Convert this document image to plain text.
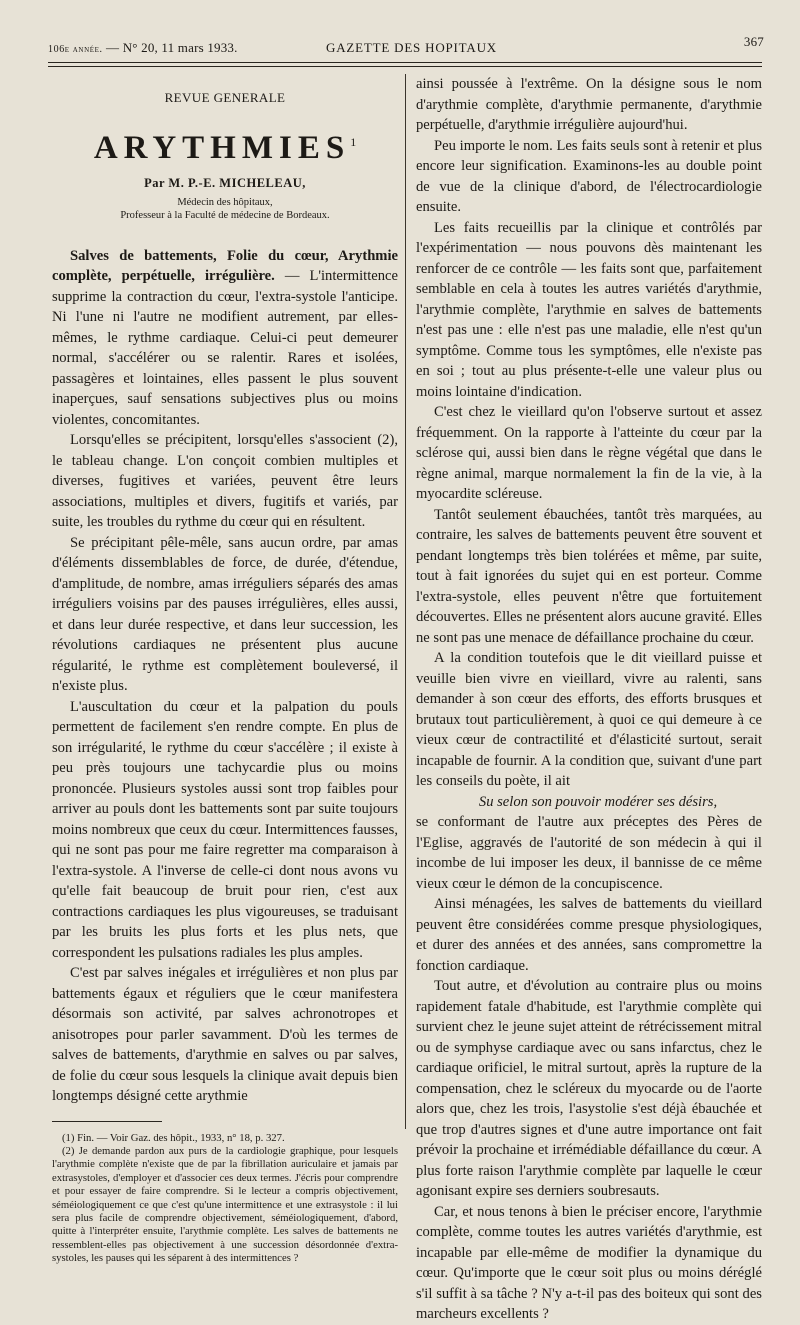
106e année. — N° 20, 11 mars 1933.	GAZETTE DES HOPITAUX	367
REVUE GENERALE
ARYTHMIES$^1$
Par M. P.-E. MICHELEAU,
Médecin des hôpitaux,
Professeur à la Faculté de médecine de Bordeaux.

Salves de battements, Folie du cœur, Arythmie complète, perpétuelle, irrégulière. — L'intermittence supprime la contraction du cœur, l'extra-systole l'anticipe. Ni l'une ni l'autre ne modifient autrement, par elles-mêmes, le rythme cardiaque. Celui-ci peut demeurer normal, s'accélérer ou se ralentir. Rares et isolées, passagères et lointaines, elles passent le plus souvent inaperçues, sauf sensations subjectives plus ou moins violentes, concomitantes.

Lorsqu'elles se précipitent, lorsqu'elles s'associent (2), le tableau change. L'on conçoit combien multiples et diverses, fugitives et variées, peuvent être leurs associations, multiples et divers, fugitifs et variés, par suite, les troubles du rythme du cœur qui en résultent.

Se précipitant pêle-mêle, sans aucun ordre, par amas d'éléments dissemblables de force, de durée, d'étendue, d'amplitude, de nombre, amas irréguliers séparés des amas irréguliers voisins par des pauses irrégulières, elles aussi, et dans leur durée respective, et dans leur succession, les révolutions cardiaques ne présentent plus aucune régularité, le rythme est complètement bouleversé, il n'existe plus.

L'auscultation du cœur et la palpation du pouls permettent de facilement s'en rendre compte. En plus de son irrégularité, le rythme du cœur s'accélère ; il existe à peu près toujours une tachycardie plus ou moins prononcée. Plusieurs systoles aussi sont trop faibles pour arriver au pouls dont les battements sont par suite toujours moins nombreux que ceux du cœur. Intermittences fausses, qui ne sont pas pour me faire regretter ma comparaison à l'extra-systole. A l'inverse de celle-ci dont nous avons vu qu'elle fait beaucoup de bruit pour rien, c'est aux contractions cardiaques les plus vigoureuses, se traduisant par les bruits les plus forts et les plus nets, que correspondent les pulsations radiales les plus amples.

C'est par salves inégales et irrégulières et non plus par battements égaux et réguliers que le cœur manifestera désormais son activité, par salves achronotropes et anisotropes pour parler savamment. D'où les termes de salves de battements, d'arythmie en salves ou par salves, de folie du cœur sous lesquels la clinique avait depuis bien longtemps désigné cette arythmie

(1) Fin. — Voir Gaz. des hôpit., 1933, n° 18, p. 327.

(2) Je demande pardon aux purs de la cardiologie graphique, pour lesquels l'arythmie complète n'existe que de par la fibrillation auriculaire et jamais par extrasystoles, d'employer et d'associer ces deux termes. J'écris pour comprendre et pour essayer de faire comprendre. Si le lecteur a compris objectivement, séméiologiquement ce que c'est qu'une intermittence et une extrasystole : il lui sera plus facile de comprendre objectivement, séméiologiquement, d'abord, quitte à l'interpréter ensuite, l'arythmie complète. Les salves de battements ne ressemblent-elles pas objectivement à une succession désordonnée d'extra-systoles, les pauses qui les séparent à des intermittences ?

ainsi poussée à l'extrême. On la désigne sous le nom d'arythmie complète, d'arythmie permanente, d'arythmie perpétuelle, d'arythmie irrégulière aujourd'hui.

Peu importe le nom. Les faits seuls sont à retenir et plus encore leur signification. Examinons-les au double point de vue de la clinique d'abord, de l'électrocardiologie ensuite.

Les faits recueillis par la clinique et contrôlés par l'expérimentation — nous pouvons dès maintenant les renforcer de ce contrôle — les faits sont que, parfaitement semblable en cela à toutes les autres variétés d'arythmie, l'arythmie complète, l'arythmie en salves de battements n'est pas une : elle n'est pas une maladie, elle n'est qu'un symptôme. Comme tous les symptômes, elle n'existe pas en soi ; tout au plus présente-t-elle une valeur plus ou moins lointaine d'indication.

C'est chez le vieillard qu'on l'observe surtout et assez fréquemment. On la rapporte à l'atteinte du cœur par la sclérose qui, aussi bien dans le règne végétal que dans le règne animal, marque normalement la fin de la vie, à la myocardite scléreuse.

Tantôt seulement ébauchées, tantôt très marquées, au contraire, les salves de battements peuvent être souvent et pendant longtemps très bien tolérées et même, par suite, tout à fait ignorées du sujet qui en est porteur. Comme l'extra-systole, elles peuvent n'être que fortuitement découvertes. Elles ne présentent alors aucune gravité. Elles ne sont pas une menace de défaillance prochaine du cœur.

A la condition toutefois que le dit vieillard puisse et veuille bien vivre en vieillard, vivre au ralenti, sans demander à son cœur des efforts, des efforts brusques et brutaux tout particulièrement, à quoi ce qui demeure à ce vieux cœur de contractilité et d'élasticité surtout, serait incapable de fournir. A la condition que, suivant d'une part les conseils du poète, il ait

Su selon son pouvoir modérer ses désirs,

se conformant de l'autre aux préceptes des Pères de l'Eglise, aggravés de l'autorité de son médecin à qui il incombe de lui imposer les deux, il bannisse de ce même vieux cœur le démon de la concupiscence.

Ainsi ménagées, les salves de battements du vieillard peuvent être considérées comme presque physiologiques, et durer des années et des années, sans compromettre la fonction cardiaque.

Tout autre, et d'évolution au contraire plus ou moins rapidement fatale d'habitude, est l'arythmie complète qui survient chez le jeune sujet atteint de rétrécissement mitral ou de symphyse cardiaque avec ou sans infarctus, chez le cardiaque orificiel, le mitral surtout, après la rupture de la compensation, chez le scléreux du myocarde ou de l'aorte alors que, chez les trois, l'asystolie s'est déjà ébauchée et que trop d'autres signes et d'une autre importance ont fait prévoir la prochaine et irrémédiable défaillance du cœur. A plus forte raison l'arythmie complète par laquelle le cœur agonisant expire ses derniers soubresauts.

Car, et nous tenons à bien le préciser encore, l'arythmie complète, comme toutes les autres variétés d'arythmie, est incapable par elle-même de modifier la dynamique du cœur. Qu'importe que le cœur soit plus ou moins déréglé s'il suffit à sa tâche ? N'y a-t-il pas des boiteux qui sont des marcheurs excellents ?
